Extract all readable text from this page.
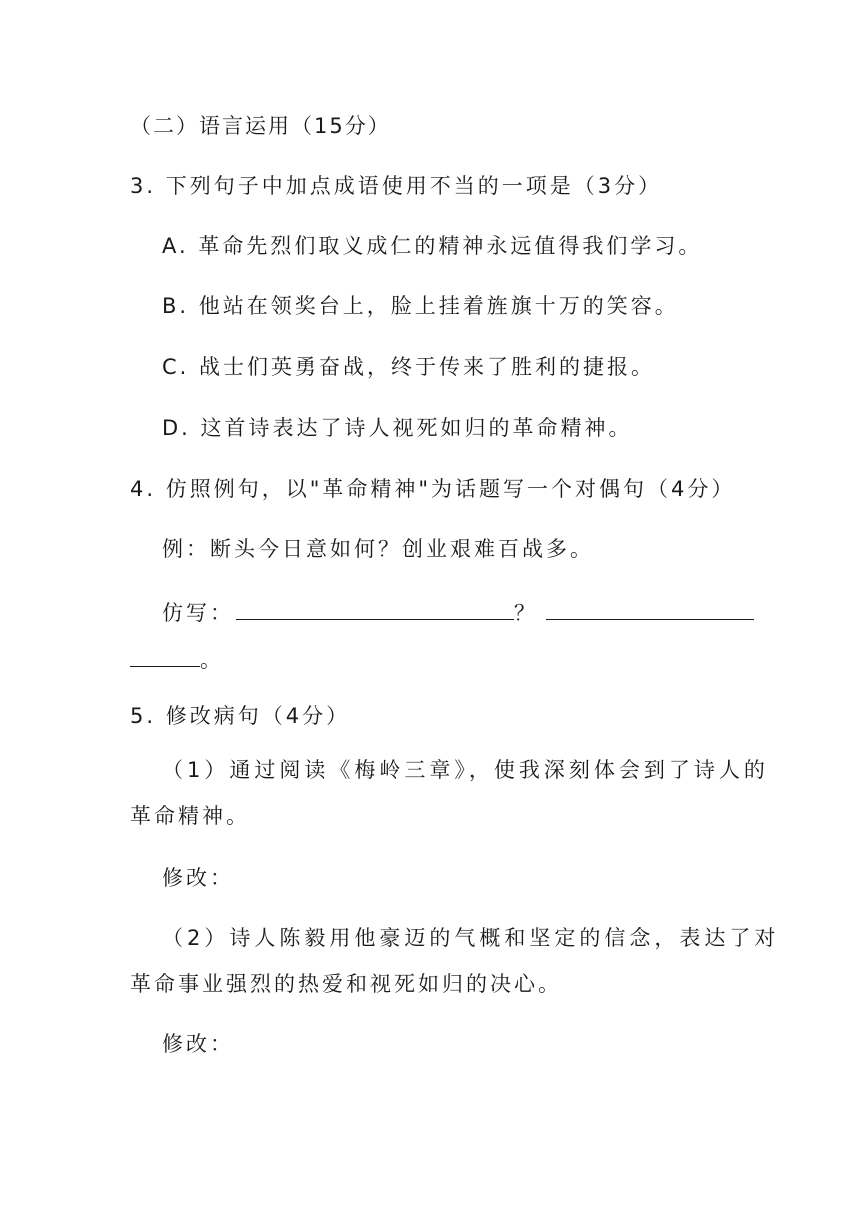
（二）语言运用（15分）
3. 下列句子中加点成语使用不当的一项是（3分）
A. 革命先烈们取义成仁的精神永远值得我们学习。
B. 他站在领奖台上，脸上挂着旌旗十万的笑容。
C. 战士们英勇奋战，终于传来了胜利的捷报。
D. 这首诗表达了诗人视死如归的革命精神。
4. 仿照例句，以"革命精神"为话题写一个对偶句（4分）
例：断头今日意如何？创业艰难百战多。
仿写：	？
。
5. 修改病句（4分）
（1）通过阅读《梅岭三章》，使我深刻体会到了诗人的
革命精神。
修改：
（2）诗人陈毅用他豪迈的气概和坚定的信念，表达了对
革命事业强烈的热爱和视死如归的决心。
修改：
